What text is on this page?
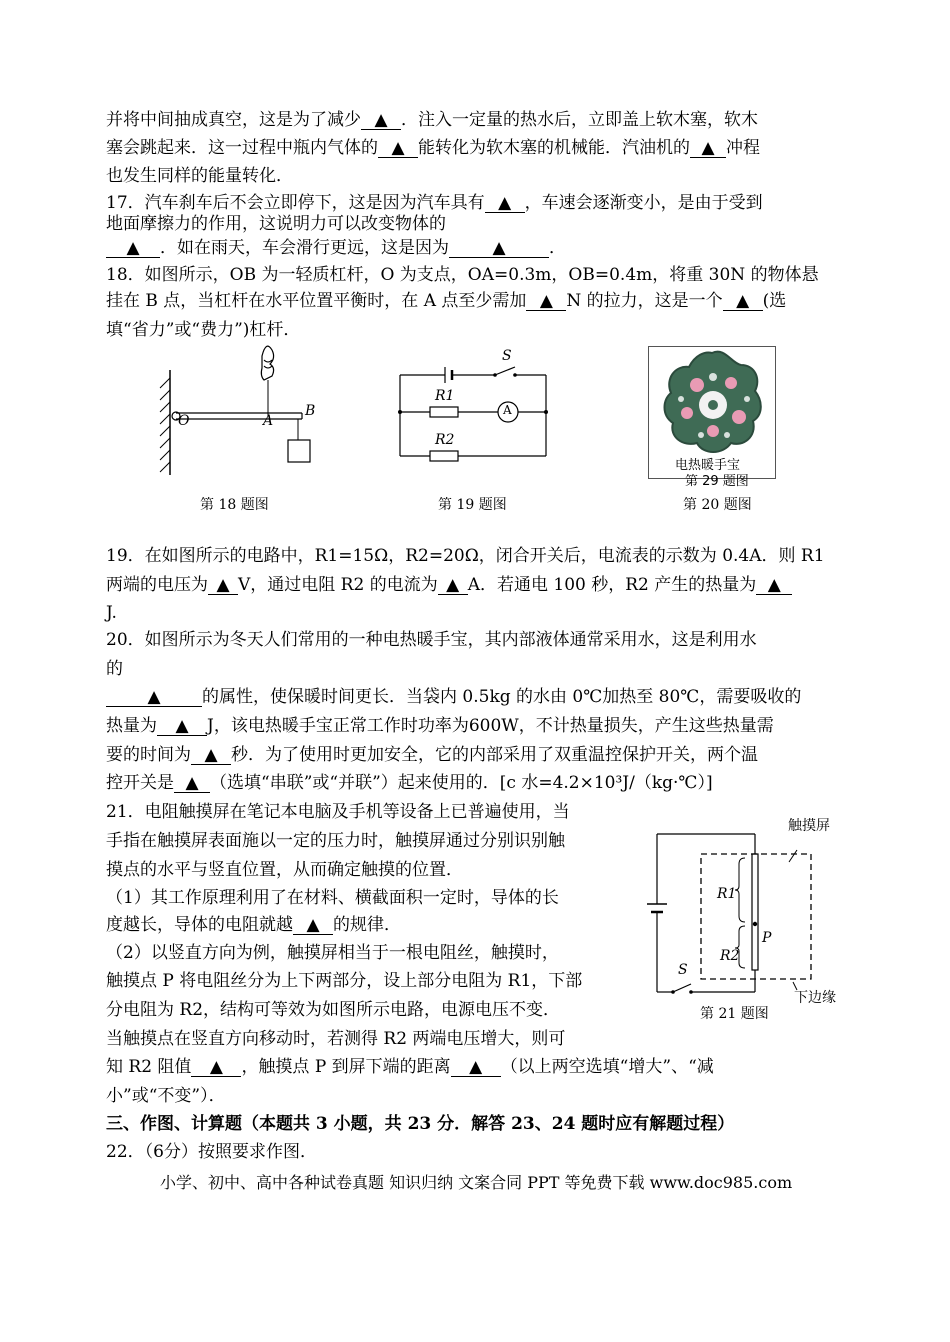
并将中间抽成真空，这是为了减少 ▲ ．注入一定量的热水后，立即盖上软木塞，软木
塞会跳起来．这一过程中瓶内气体的 ▲ 能转化为软木塞的机械能．汽油机的 ▲ 冲程
也发生同样的能量转化．
17．汽车刹车后不会立即停下，这是因为汽车具有 ▲ ，车速会逐渐变小，是由于受到
地面摩擦力的作用，这说明力可以改变物体的
▲ ．如在雨天，车会滑行更远，这是因为	▲	．
18．如图所示，OB 为一轻质杠杆，O 为支点，OA=0.3m，OB=0.4m，将重 30N 的物体悬
挂在 B 点，当杠杆在水平位置平衡时，在 A 点至少需加 ▲ N 的拉力，这是一个 ▲ (选
填“省力”或“费力”)杠杆．
O	A
B
第 18 题图
S
R1
A
R2
第 19 题图
电热暖手宝
第 29 题图
第 20 题图
19．在如图所示的电路中，R1=15Ω，R2=20Ω，闭合开关后，电流表的示数为 0.4A．则 R1
两端的电压为 ▲ V，通过电阻 R2 的电流为 ▲ A．若通电 100 秒，R2 产生的热量为 ▲
J.
20．如图所示为冬天人们常用的一种电热暖手宝，其内部液体通常采用水，这是利用水
的
▲ 的属性，使保暖时间更长．当袋内 0.5kg 的水由 0℃加热至 80℃，需要吸收的
热量为 ▲ J，该电热暖手宝正常工作时功率为600W，不计热量损失，产生这些热量需
要的时间为 ▲ 秒．为了使用时更加安全，它的内部采用了双重温控保护开关，两个温
控开关是 ▲ （选填“串联”或“并联”）起来使用的．[c 水=4.2×10³J/（kg·℃）]
21．电阻触摸屏在笔记本电脑及手机等设备上已普遍使用，当
手指在触摸屏表面施以一定的压力时，触摸屏通过分别识别触
摸点的水平与竖直位置，从而确定触摸的位置．
（1）其工作原理利用了在材料、横截面积一定时，导体的长
度越长，导体的电阻就越 ▲ 的规律．
（2）以竖直方向为例，触摸屏相当于一根电阻丝，触摸时，
触摸点 P 将电阻丝分为上下两部分，设上部分电阻为 R1，下部
分电阻为 R2，结构可等效为如图所示电路，电源电压不变．
当触摸点在竖直方向移动时，若测得 R2 两端电压增大，则可
知 R2 阻值 ▲ ，触摸点 P 到屏下端的距离 ▲ （以上两空选填“增大”、“减
小”或“不变”）．
触摸屏
R1
P
R2
S
下边缘
第 21 题图
三、作图、计算题（本题共 3 小题，共 23 分．解答 23、24 题时应有解题过程）
22．（6分）按照要求作图．
小学、初中、高中各种试卷真题 知识归纳 文案合同 PPT 等免费下载 www.doc985.com
